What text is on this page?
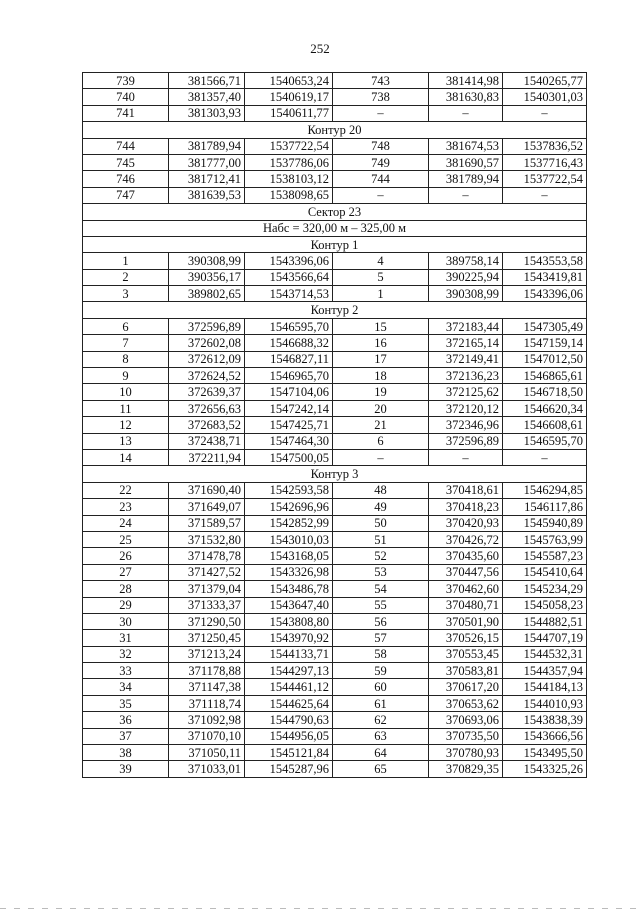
252
739	381566,71	1540653,24	743	381414,98	1540265,77
740	381357,40	1540619,17	738	381630,83	1540301,03
741	381303,93	1540611,77	–	–	–
Контур 20					
744	381789,94	1537722,54	748	381674,53	1537836,52
745	381777,00	1537786,06	749	381690,57	1537716,43
746	381712,41	1538103,12	744	381789,94	1537722,54
747	381639,53	1538098,65	–	–	–
Сектор 23					
Набс = 320,00 м – 325,00 м					
Контур 1					
1	390308,99	1543396,06	4	389758,14	1543553,58
2	390356,17	1543566,64	5	390225,94	1543419,81
3	389802,65	1543714,53	1	390308,99	1543396,06
Контур 2					
6	372596,89	1546595,70	15	372183,44	1547305,49
7	372602,08	1546688,32	16	372165,14	1547159,14
8	372612,09	1546827,11	17	372149,41	1547012,50
9	372624,52	1546965,70	18	372136,23	1546865,61
10	372639,37	1547104,06	19	372125,62	1546718,50
11	372656,63	1547242,14	20	372120,12	1546620,34
12	372683,52	1547425,71	21	372346,96	1546608,61
13	372438,71	1547464,30	6	372596,89	1546595,70
14	372211,94	1547500,05	–	–	–
Контур 3					
22	371690,40	1542593,58	48	370418,61	1546294,85
23	371649,07	1542696,96	49	370418,23	1546117,86
24	371589,57	1542852,99	50	370420,93	1545940,89
25	371532,80	1543010,03	51	370426,72	1545763,99
26	371478,78	1543168,05	52	370435,60	1545587,23
27	371427,52	1543326,98	53	370447,56	1545410,64
28	371379,04	1543486,78	54	370462,60	1545234,29
29	371333,37	1543647,40	55	370480,71	1545058,23
30	371290,50	1543808,80	56	370501,90	1544882,51
31	371250,45	1543970,92	57	370526,15	1544707,19
32	371213,24	1544133,71	58	370553,45	1544532,31
33	371178,88	1544297,13	59	370583,81	1544357,94
34	371147,38	1544461,12	60	370617,20	1544184,13
35	371118,74	1544625,64	61	370653,62	1544010,93
36	371092,98	1544790,63	62	370693,06	1543838,39
37	371070,10	1544956,05	63	370735,50	1543666,56
38	371050,11	1545121,84	64	370780,93	1543495,50
39	371033,01	1545287,96	65	370829,35	1543325,26
